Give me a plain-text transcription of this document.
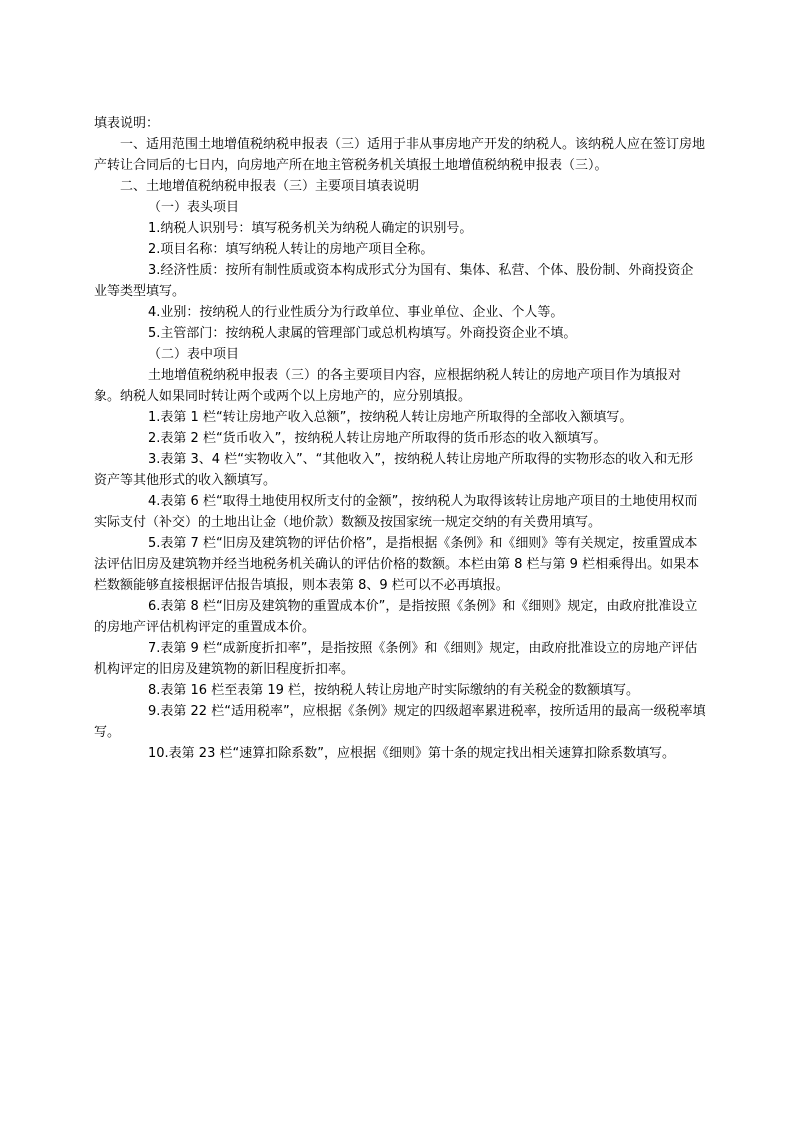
填表说明：

一、适用范围土地增值税纳税申报表（三）适用于非从事房地产开发的纳税人。该纳税人应在签订房地产转让合同后的七日内，向房地产所在地主管税务机关填报土地增值税纳税申报表（三）。

二、土地增值税纳税申报表（三）主要项目填表说明

（一）表头项目

1.纳税人识别号：填写税务机关为纳税人确定的识别号。

2.项目名称：填写纳税人转让的房地产项目全称。

3.经济性质：按所有制性质或资本构成形式分为国有、集体、私营、个体、股份制、外商投资企业等类型填写。

4.业别：按纳税人的行业性质分为行政单位、事业单位、企业、个人等。

5.主管部门：按纳税人隶属的管理部门或总机构填写。外商投资企业不填。

（二）表中项目

土地增值税纳税申报表（三）的各主要项目内容，应根据纳税人转让的房地产项目作为填报对象。纳税人如果同时转让两个或两个以上房地产的，应分别填报。

1.表第 1 栏“转让房地产收入总额”，按纳税人转让房地产所取得的全部收入额填写。

2.表第 2 栏“货币收入”，按纳税人转让房地产所取得的货币形态的收入额填写。

3.表第 3、4 栏“实物收入”、“其他收入”，按纳税人转让房地产所取得的实物形态的收入和无形资产等其他形式的收入额填写。

4.表第 6 栏“取得土地使用权所支付的金额”，按纳税人为取得该转让房地产项目的土地使用权而实际支付（补交）的土地出让金（地价款）数额及按国家统一规定交纳的有关费用填写。

5.表第 7 栏“旧房及建筑物的评估价格”，是指根据《条例》和《细则》等有关规定，按重置成本法评估旧房及建筑物并经当地税务机关确认的评估价格的数额。本栏由第 8 栏与第 9 栏相乘得出。如果本栏数额能够直接根据评估报告填报，则本表第 8、9 栏可以不必再填报。

6.表第 8 栏“旧房及建筑物的重置成本价”，是指按照《条例》和《细则》规定，由政府批准设立的房地产评估机构评定的重置成本价。

7.表第 9 栏“成新度折扣率”，是指按照《条例》和《细则》规定，由政府批准设立的房地产评估机构评定的旧房及建筑物的新旧程度折扣率。

8.表第 16 栏至表第 19 栏，按纳税人转让房地产时实际缴纳的有关税金的数额填写。

9.表第 22 栏“适用税率”，应根据《条例》规定的四级超率累进税率，按所适用的最高一级税率填写。

10.表第 23 栏“速算扣除系数”，应根据《细则》第十条的规定找出相关速算扣除系数填写。
